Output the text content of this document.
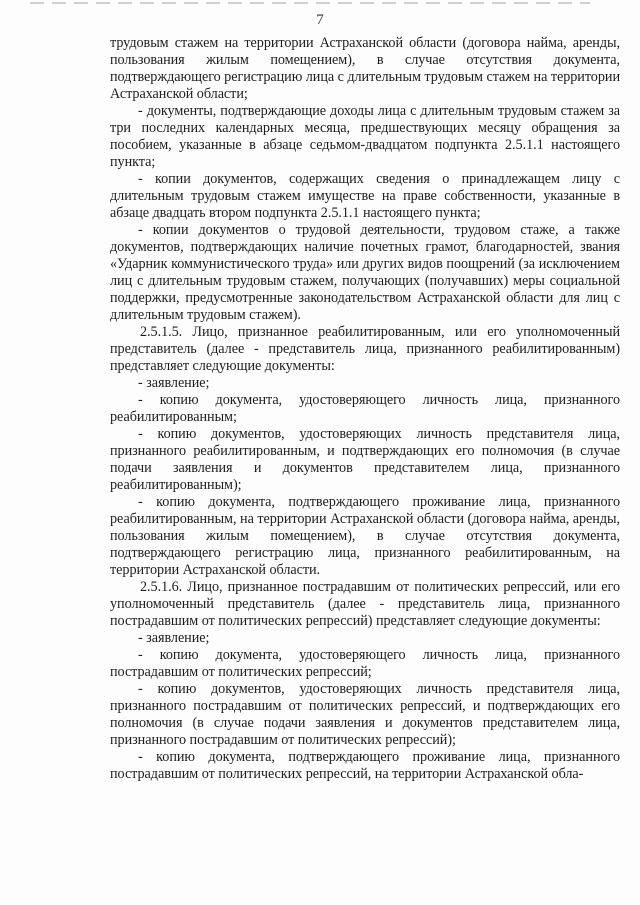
7

трудовым стажем на территории Астраханской области (договора найма, аренды, пользования жилым помещением), в случае отсутствия документа, подтверждающего регистрацию лица с длительным трудовым стажем на территории Астраханской области;

- документы, подтверждающие доходы лица с длительным трудовым стажем за три последних календарных месяца, предшествующих месяцу обращения за пособием, указанные в абзаце седьмом-двадцатом подпункта 2.5.1.1 настоящего пункта;

- копии документов, содержащих сведения о принадлежащем лицу с длительным трудовым стажем имуществе на праве собственности, указанные в абзаце двадцать втором подпункта 2.5.1.1 настоящего пункта;

- копии документов о трудовой деятельности, трудовом стаже, а также документов, подтверждающих наличие почетных грамот, благодарностей, звания «Ударник коммунистического труда» или других видов поощрений (за исключением лиц с длительным трудовым стажем, получающих (получавших) меры социальной поддержки, предусмотренные законодательством Астраханской области для лиц с длительным трудовым стажем).

2.5.1.5. Лицо, признанное реабилитированным, или его уполномоченный представитель (далее - представитель лица, признанного реабилитированным) представляет следующие документы:

- заявление;

- копию документа, удостоверяющего личность лица, признанного реабилитированным;

- копию документов, удостоверяющих личность представителя лица, признанного реабилитированным, и подтверждающих его полномочия (в случае подачи заявления и документов представителем лица, признанного реабилитированным);

- копию документа, подтверждающего проживание лица, признанного реабилитированным, на территории Астраханской области (договора найма, аренды, пользования жилым помещением), в случае отсутствия документа, подтверждающего регистрацию лица, признанного реабилитированным, на территории Астраханской области.

2.5.1.6. Лицо, признанное пострадавшим от политических репрессий, или его уполномоченный представитель (далее - представитель лица, признанного пострадавшим от политических репрессий) представляет следующие документы:

- заявление;

- копию документа, удостоверяющего личность лица, признанного пострадавшим от политических репрессий;

- копию документов, удостоверяющих личность представителя лица, признанного пострадавшим от политических репрессий, и подтверждающих его полномочия (в случае подачи заявления и документов представителем лица, признанного пострадавшим от политических репрессий);

- копию документа, подтверждающего проживание лица, признанного пострадавшим от политических репрессий, на территории Астраханской обла-
